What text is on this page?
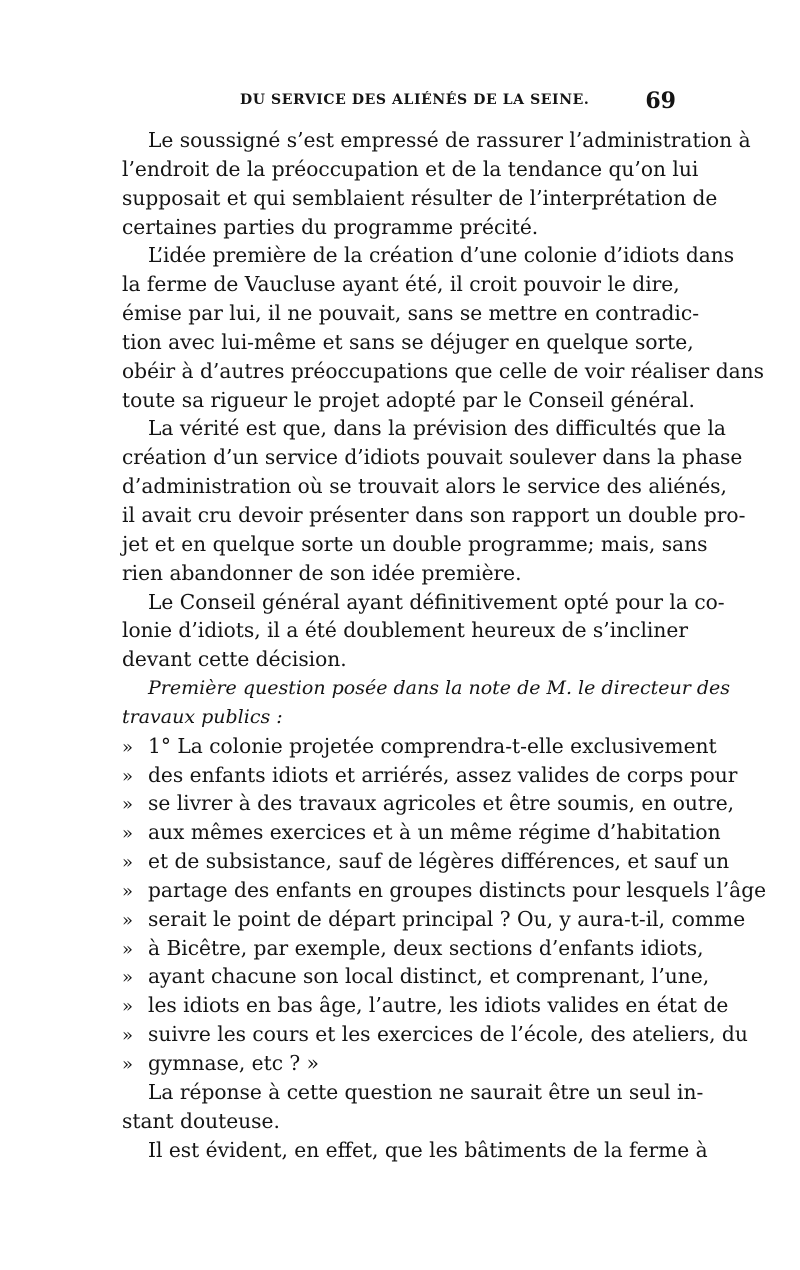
DU SERVICE DES ALIÉNÉS DE LA SEINE.	69
Le soussigné s’est empressé de rassurer l’administration à
l’endroit de la préoccupation et de la tendance qu’on lui
supposait et qui semblaient résulter de l’interprétation de
certaines parties du programme précité.
L’idée première de la création d’une colonie d’idiots dans
la ferme de Vaucluse ayant été, il croit pouvoir le dire,
émise par lui, il ne pouvait, sans se mettre en contradic-
tion avec lui-même et sans se déjuger en quelque sorte,
obéir à d’autres préoccupations que celle de voir réaliser dans
toute sa rigueur le projet adopté par le Conseil général.
La vérité est que, dans la prévision des difficultés que la
création d’un service d’idiots pouvait soulever dans la phase
d’administration où se trouvait alors le service des aliénés,
il avait cru devoir présenter dans son rapport un double pro-
jet et en quelque sorte un double programme; mais, sans
rien abandonner de son idée première.
Le Conseil général ayant définitivement opté pour la co-
lonie d’idiots, il a été doublement heureux de s’incliner
devant cette décision.
Première question posée dans la note de M. le directeur des
travaux publics :
» 1° La colonie projetée comprendra-t-elle exclusivement
» des enfants idiots et arriérés, assez valides de corps pour
» se livrer à des travaux agricoles et être soumis, en outre,
» aux mêmes exercices et à un même régime d’habitation
» et de subsistance, sauf de légères différences, et sauf un
» partage des enfants en groupes distincts pour lesquels l’âge
» serait le point de départ principal ? Ou, y aura-t-il, comme
» à Bicêtre, par exemple, deux sections d’enfants idiots,
» ayant chacune son local distinct, et comprenant, l’une,
» les idiots en bas âge, l’autre, les idiots valides en état de
» suivre les cours et les exercices de l’école, des ateliers, du
» gymnase, etc ? »
La réponse à cette question ne saurait être un seul in-
stant douteuse.
Il est évident, en effet, que les bâtiments de la ferme à
